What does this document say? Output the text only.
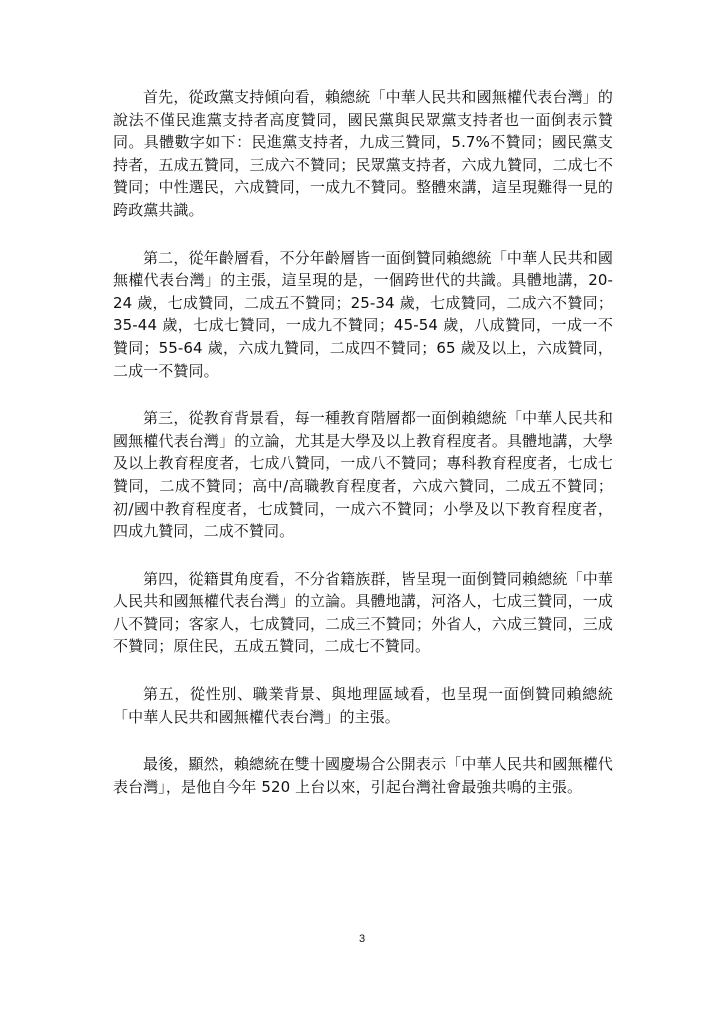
首先，從政黨支持傾向看，賴總統「中華人民共和國無權代表台灣」的說法不僅民進黨支持者高度贊同，國民黨與民眾黨支持者也一面倒表示贊同。具體數字如下：民進黨支持者，九成三贊同，5.7%不贊同；國民黨支持者，五成五贊同，三成六不贊同；民眾黨支持者，六成九贊同，二成七不贊同；中性選民，六成贊同，一成九不贊同。整體來講，這呈現難得一見的跨政黨共識。

第二，從年齡層看，不分年齡層皆一面倒贊同賴總統「中華人民共和國無權代表台灣」的主張，這呈現的是，一個跨世代的共識。具體地講，20-24 歲，七成贊同，二成五不贊同；25-34 歲，七成贊同，二成六不贊同；35-44 歲，七成七贊同，一成九不贊同；45-54 歲，八成贊同，一成一不贊同；55-64 歲，六成九贊同，二成四不贊同；65 歲及以上，六成贊同，二成一不贊同。

第三，從教育背景看，每一種教育階層都一面倒賴總統「中華人民共和國無權代表台灣」的立論，尤其是大學及以上教育程度者。具體地講，大學及以上教育程度者，七成八贊同，一成八不贊同；專科教育程度者，七成七贊同，二成不贊同；高中/高職教育程度者，六成六贊同，二成五不贊同；初/國中教育程度者，七成贊同，一成六不贊同；小學及以下教育程度者，四成九贊同，二成不贊同。

第四，從籍貫角度看，不分省籍族群，皆呈現一面倒贊同賴總統「中華人民共和國無權代表台灣」的立論。具體地講，河洛人，七成三贊同，一成八不贊同；客家人，七成贊同，二成三不贊同；外省人，六成三贊同，三成不贊同；原住民，五成五贊同，二成七不贊同。

第五，從性別、職業背景、與地理區域看，也呈現一面倒贊同賴總統「中華人民共和國無權代表台灣」的主張。

最後，顯然，賴總統在雙十國慶場合公開表示「中華人民共和國無權代表台灣」，是他自今年 520 上台以來，引起台灣社會最強共鳴的主張。

3
